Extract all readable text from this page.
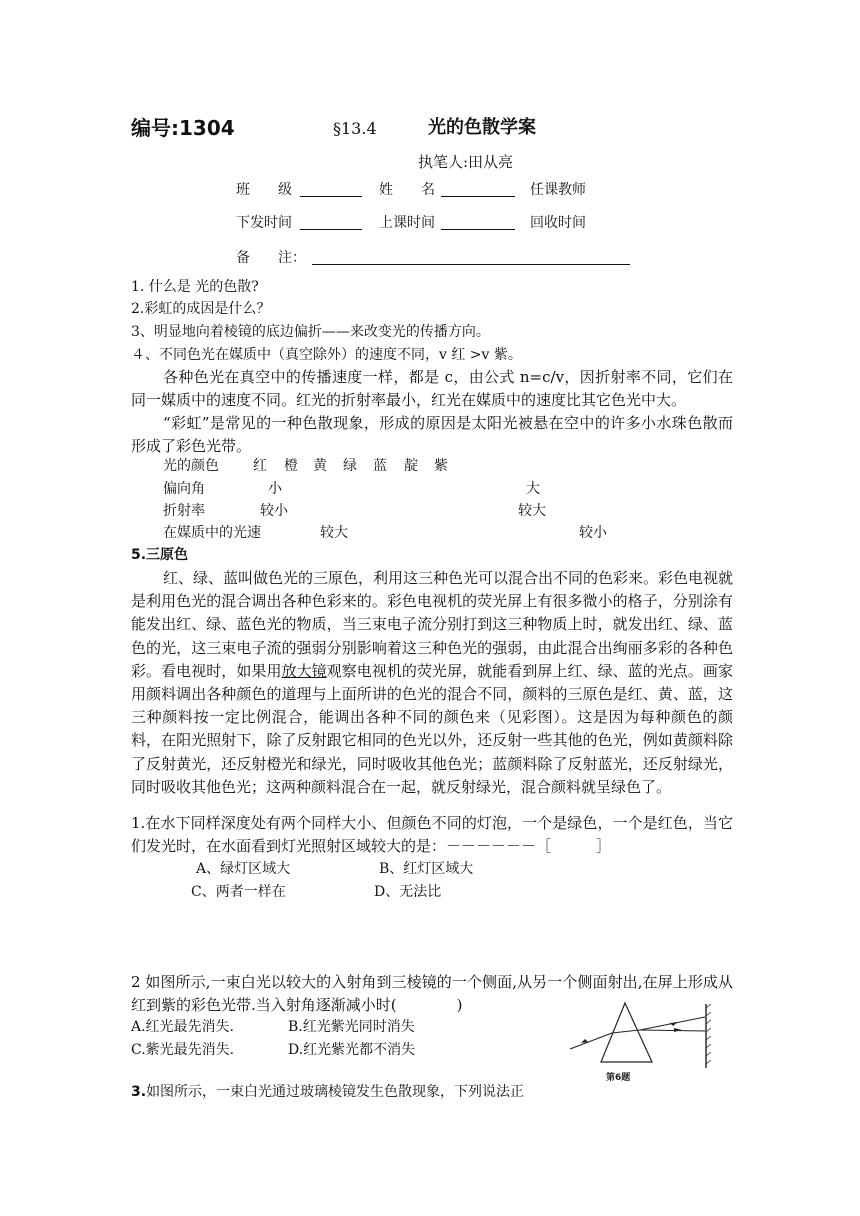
编号:1304	§13.4	光的色散学案
执笔人:田从亮
班　　级	姓　　名	任课教师
下发时间	上课时间	回收时间
备　　注：
1. 什么是 光的色散?
2.彩虹的成因是什么？
3、明显地向着棱镜的底边偏折——来改变光的传播方向。
４、不同色光在媒质中（真空除外）的速度不同，v 红 >v 紫。
各种色光在真空中的传播速度一样，都是 c，由公式 n=c/v，因折射率不同，它们在同一媒质中的速度不同。红光的折射率最小，红光在媒质中的速度比其它色光中大。
“彩虹”是常见的一种色散现象，形成的原因是太阳光被悬在空中的许多小水珠色散而形成了彩色光带。
光的颜色 红 橙 黄 绿 蓝 靛 紫
偏向角	小	大
折射率	较小	较大
在媒质中的光速	较大	较小
5.三原色
红、绿、蓝叫做色光的三原色，利用这三种色光可以混合出不同的色彩来。彩色电视就是利用色光的混合调出各种色彩来的。彩色电视机的荧光屏上有很多微小的格子，分别涂有能发出红、绿、蓝色光的物质，当三束电子流分别打到这三种物质上时，就发出红、绿、蓝色的光，这三束电子流的强弱分别影响着这三种色光的强弱，由此混合出绚丽多彩的各种色彩。看电视时，如果用放大镜观察电视机的荧光屏，就能看到屏上红、绿、蓝的光点。画家用颜料调出各种颜色的道理与上面所讲的色光的混合不同，颜料的三原色是红、黄、蓝，这三种颜料按一定比例混合，能调出各种不同的颜色来（见彩图）。这是因为每种颜色的颜料，在阳光照射下，除了反射跟它相同的色光以外，还反射一些其他的色光，例如黄颜料除了反射黄光，还反射橙光和绿光，同时吸收其他色光；蓝颜料除了反射蓝光，还反射绿光，同时吸收其他色光；这两种颜料混合在一起，就反射绿光，混合颜料就呈绿色了。
1.在水下同样深度处有两个同样大小、但颜色不同的灯泡，一个是绿色，一个是红色，当它们发光时，在水面看到灯光照射区域较大的是：－－－－－－［　　　］
A、绿灯区域大	B、红灯区域大
C、两者一样在	D、无法比
2 如图所示,一束白光以较大的入射角到三棱镜的一个侧面,从另一个侧面射出,在屏上形成从红到紫的彩色光带.当入射角逐渐减小时(　　　　)
A.红光最先消失.	B.红光紫光同时消失
C.紫光最先消失.	D.红光紫光都不消失
第6题
3.如图所示，一束白光通过玻璃棱镜发生色散现象，下列说法正
